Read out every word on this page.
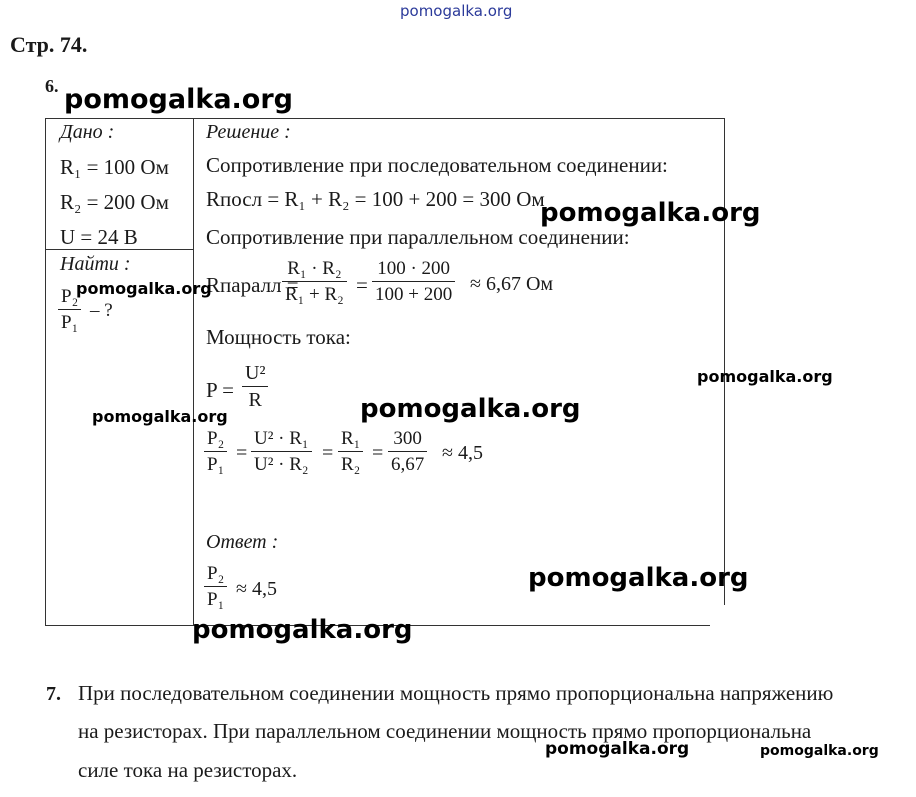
pomogalka.org
Стр. 74.
6.
Дано :
R₁ = 100 Ом
R₂ = 200 Ом
U = 24 В
Найти :
$\frac{\text{P₂}}{\text{P₁}}$ – ?
Решение :
Сопротивление при последовательном соединении:
Rпосл = R₁ + R₂ = 100 + 200 = 300 Ом
Сопротивление при параллельном соединении:
Rпаралл =
$\frac{\text{R₁ · R₂}}{\text{R₁ + R₂}} = \frac{100 \cdot 200}{100 + 200} \approx 6,67$ Ом
Мощность тока:
$P = \frac{\text{U²}}{R}$
$\frac{\text{P₂}}{\text{P₁}} = \frac{\text{U² · R₁}}{\text{U² · R₂}} = \frac{\text{R₁}}{\text{R₂}} = \frac{300}{6,67} \approx 4,5$
Ответ :
$\frac{\text{P₂}}{\text{P₁}} \approx 4,5$
7. При последовательном соединении мощность прямо пропорциональна напряжению
на резисторах. При параллельном соединении мощность прямо пропорциональна
силе тока на резисторах.
pomogalka.org
pomogalka.org
pomogalka.org
pomogalka.org
pomogalka.org
pomogalka.org
pomogalka.org
pomogalka.org
pomogalka.org	pomogalka.org
